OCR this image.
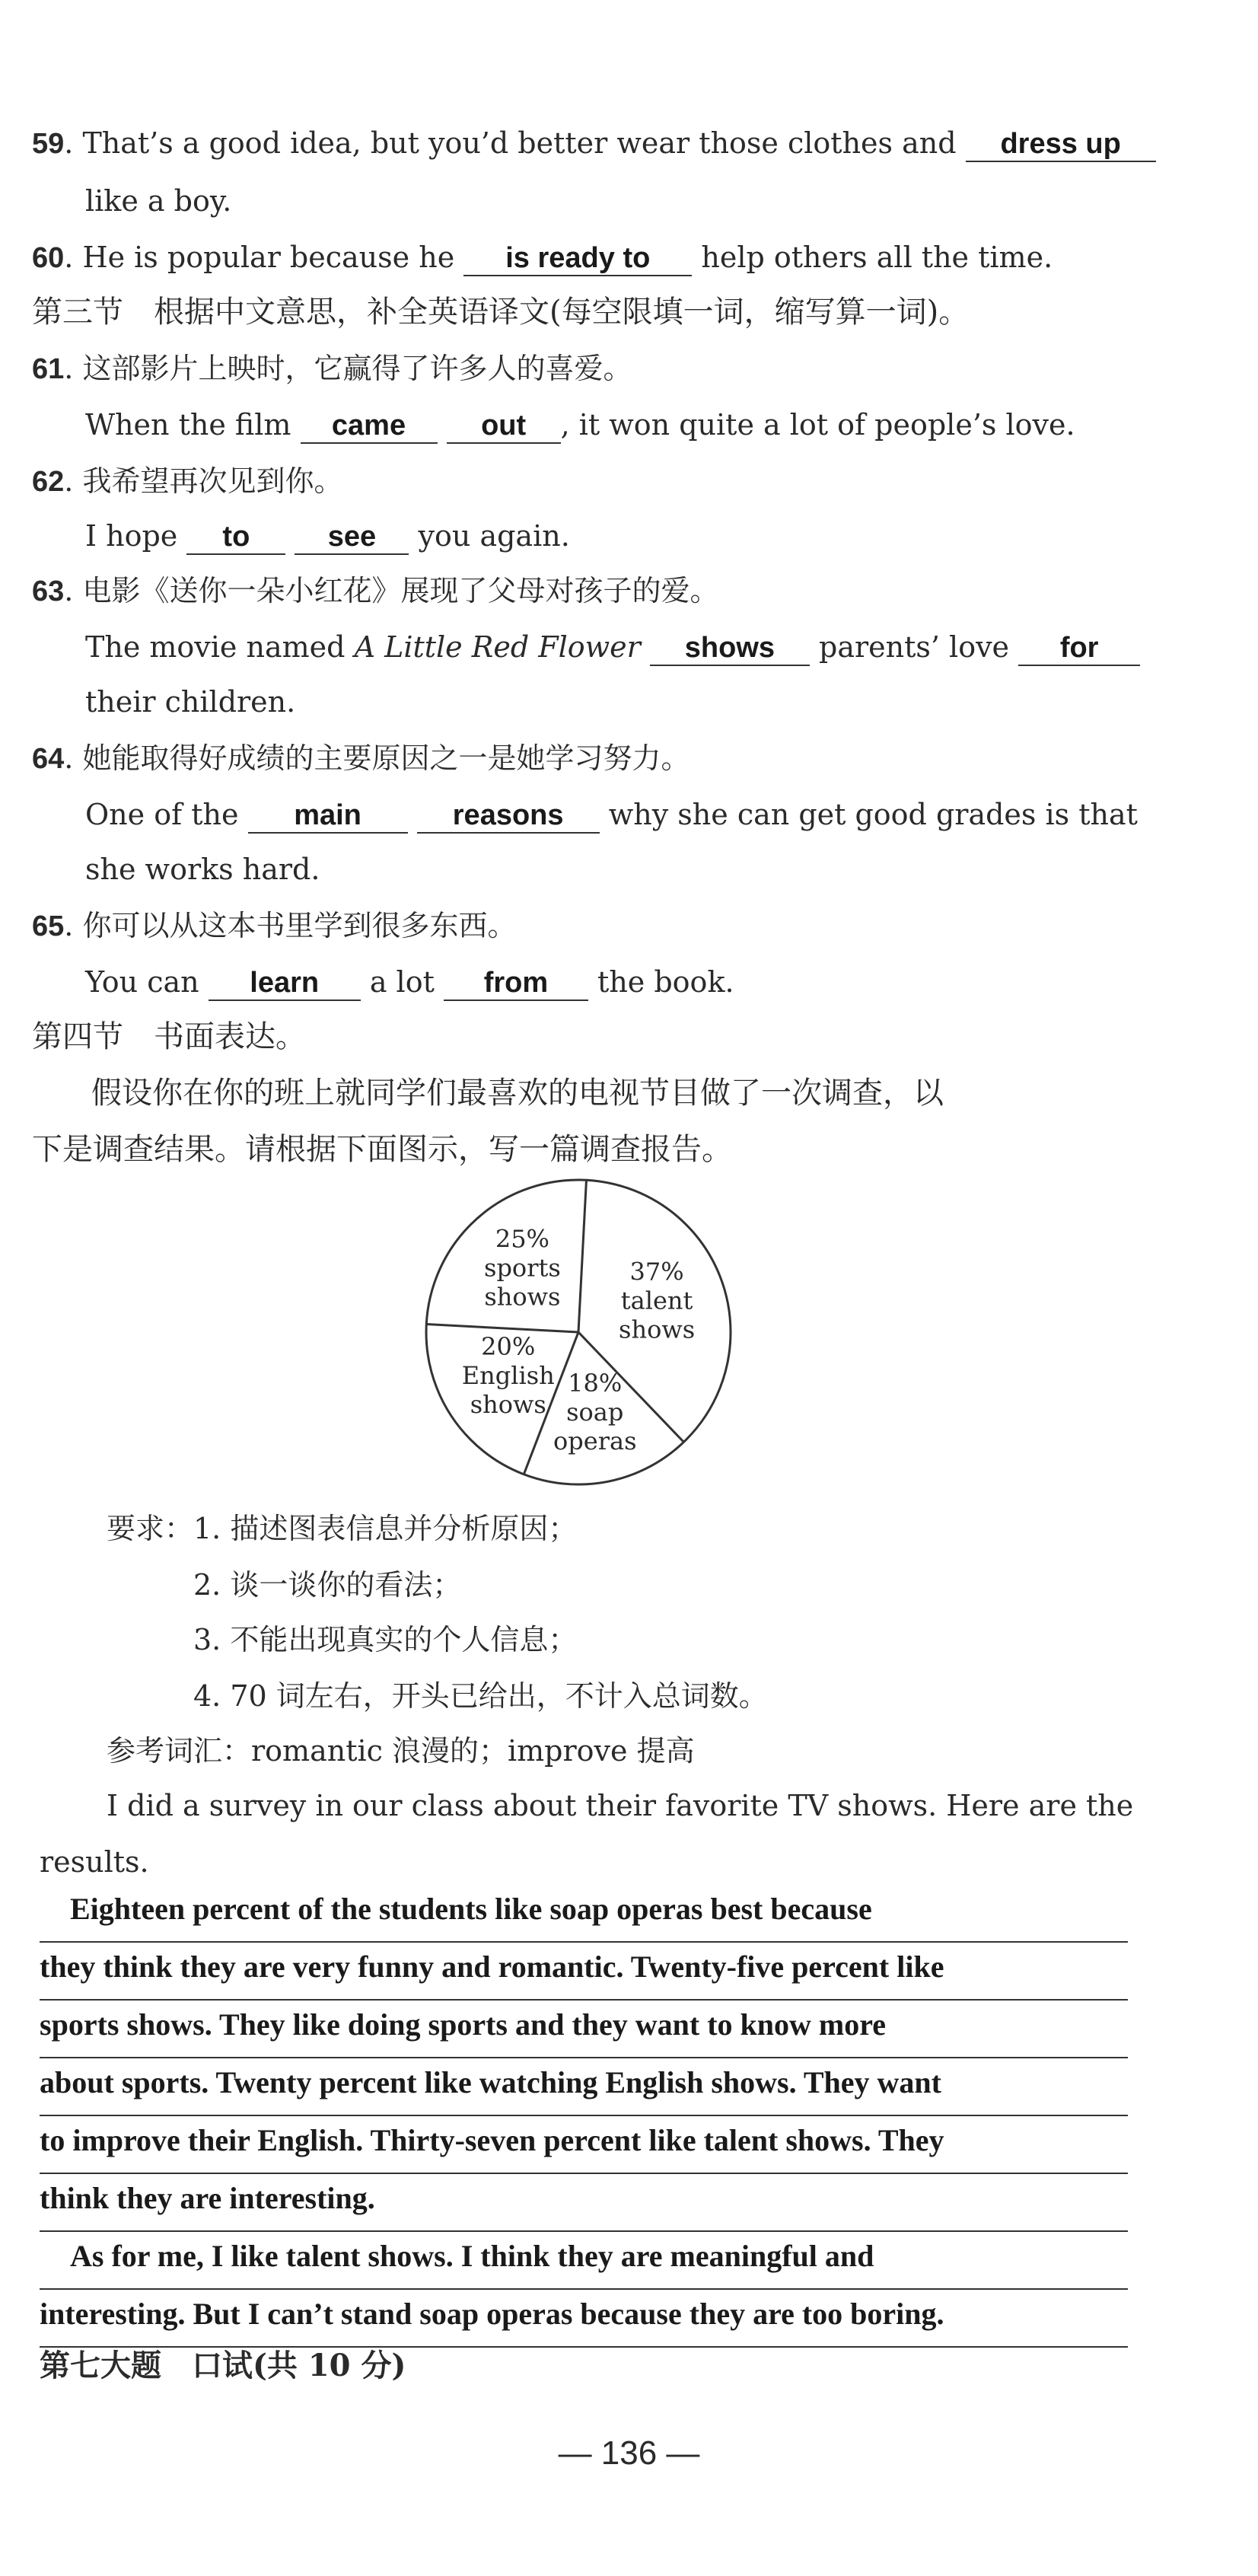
59. That’s a good idea, but you’d better wear those clothes and dress up
like a boy.
60. He is popular because he is ready to help others all the time.
第三节　根据中文意思，补全英语译文(每空限填一词，缩写算一词)。
61. 这部影片上映时，它赢得了许多人的喜爱。
When the film came	out , it won quite a lot of people’s love.
62. 我希望再次见到你。
I hope to	see you again.
63. 电影《送你一朵小红花》展现了父母对孩子的爱。
The movie named A Little Red Flower shows parents’ love for
their children.
64. 她能取得好成绩的主要原因之一是她学习努力。
One of the main	reasons why she can get good grades is that
she works hard.
65. 你可以从这本书里学到很多东西。
You can learn a lot from the book.
第四节　书面表达。
假设你在你的班上就同学们最喜欢的电视节目做了一次调查，以
下是调查结果。请根据下面图示，写一篇调查报告。
37%
talent
shows
18%
soap
operas
20%
English
shows
25%
sports
shows
要求：1. 描述图表信息并分析原因；
2. 谈一谈你的看法；
3. 不能出现真实的个人信息；
4. 70 词左右，开头已给出，不计入总词数。
参考词汇：romantic 浪漫的；improve 提高
I did a survey in our class about their favorite TV shows. Here are the
results.
　Eighteen percent of the students like soap operas best because
they think they are very funny and romantic. Twenty-five percent like
sports shows. They like doing sports and they want to know more
about sports. Twenty percent like watching English shows. They want
to improve their English. Thirty-seven percent like talent shows. They
think they are interesting.
　As for me, I like talent shows. I think they are meaningful and
interesting. But I can’t stand soap operas because they are too boring.
第七大题　口试(共 10 分)
— 136 —
